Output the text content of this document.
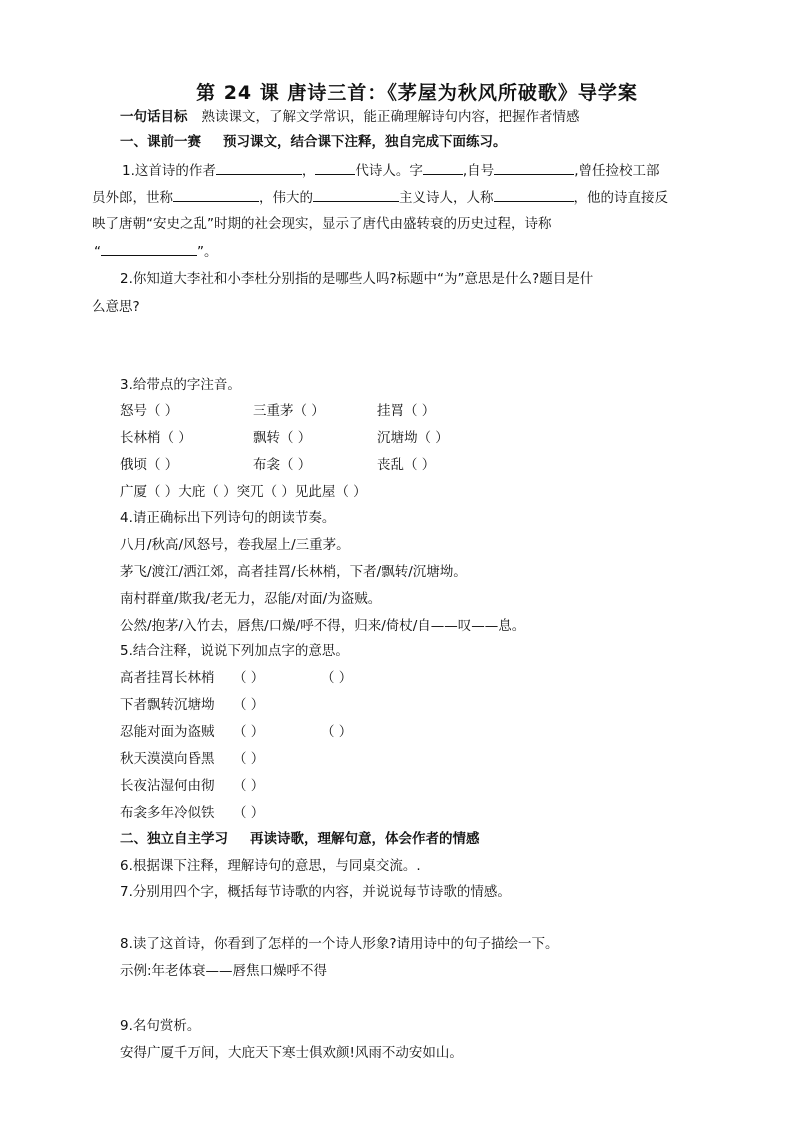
第 24 课 唐诗三首：《茅屋为秋风所破歌》导学案
一句话目标 熟读课文，了解文学常识，能正确理解诗句内容，把握作者情感
一、课前一赛 预习课文，结合课下注释，独自完成下面练习。
1.这首诗的作者	，	代诗人。字	,自号	,曾任捡校工部
员外郎，世称	，伟大的	主义诗人，人称	，他的诗直接反
映了唐朝“安史之乱”时期的社会现实，显示了唐代由盛转衰的历史过程，诗称
“	”。
2.你知道大李社和小李杜分别指的是哪些人吗?标题中“为”意思是什么?题目是什
么意思?
3.给带点的字注音。
怒号（ ）	三重茅（ ）	挂罥（ ）
长林梢（ ）	飘转（ ）	沉塘坳（ ）
俄顷（ ）	布衾（ ）	丧乱（ ）
广厦（ ）大庇（ ）突兀（ ）见此屋（ ）
4.请正确标出下列诗句的朗读节奏。
八月/秋高/风怒号，卷我屋上/三重茅。
茅飞/渡江/洒江郊，高者挂罥/长林梢，下者/飘转/沉塘坳。
南村群童/欺我/老无力，忍能/对面/为盗贼。
公然/抱茅/入竹去，唇焦/口燥/呼不得，归来/倚杖/自——叹——息。
5.结合注释，说说下列加点字的意思。
高者挂罥长林梢 （ ）	（ ）
下者飘转沉塘坳 （ ）
忍能对面为盗贼 （ ）	（ ）
秋天漠漠向昏黑 （ ）
长夜沾湿何由彻 （ ）
布衾多年冷似铁 （ ）
二、独立自主学习 再读诗歌，理解句意，体会作者的情感
6.根据课下注释，理解诗句的意思，与同桌交流。.
7.分别用四个字，概括每节诗歌的内容，并说说每节诗歌的情感。
8.读了这首诗，你看到了怎样的一个诗人形象?请用诗中的句子描绘一下。
示例:年老体衰——唇焦口燥呼不得
9.名句赏析。
安得广厦千万间，大庇天下寒士俱欢颜!风雨不动安如山。
